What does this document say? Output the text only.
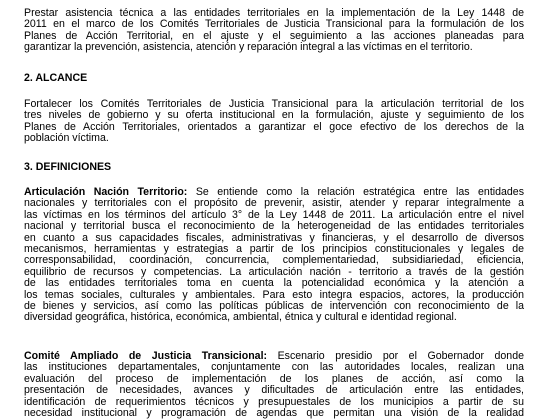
Prestar asistencia técnica a las entidades territoriales en la implementación de la Ley 1448 de
2011 en el marco de los Comités Territoriales de Justicia Transicional para la formulación de los
Planes de Acción Territorial, en el ajuste y el seguimiento a las acciones planeadas para
garantizar la prevención, asistencia, atención y reparación integral a las víctimas en el territorio.
2. ALCANCE
Fortalecer los Comités Territoriales de Justicia Transicional para la articulación territorial de los
tres niveles de gobierno y su oferta institucional en la formulación, ajuste y seguimiento de los
Planes de Acción Territoriales, orientados a garantizar el goce efectivo de los derechos de la
población víctima.
3. DEFINICIONES
Articulación Nación Territorio: Se entiende como la relación estratégica entre las entidades
nacionales y territoriales con el propósito de prevenir, asistir, atender y reparar integralmente a
las víctimas en los términos del artículo 3° de la Ley 1448 de 2011. La articulación entre el nivel
nacional y territorial busca el reconocimiento de la heterogeneidad de las entidades territoriales
en cuanto a sus capacidades fiscales, administrativas y financieras, y el desarrollo de diversos
mecanismos, herramientas y estrategias a partir de los principios constitucionales y legales de
corresponsabilidad, coordinación, concurrencia, complementariedad, subsidiariedad, eficiencia,
equilibrio de recursos y competencias. La articulación nación - territorio a través de la gestión
de las entidades territoriales toma en cuenta la potencialidad económica y la atención a
los temas sociales, culturales y ambientales. Para esto integra espacios, actores, la producción
de bienes y servicios, así como las políticas públicas de intervención con reconocimiento de la
diversidad geográfica, histórica, económica, ambiental, étnica y cultural e identidad regional.
Comité Ampliado de Justicia Transicional: Escenario presidio por el Gobernador donde
las instituciones departamentales, conjuntamente con las autoridades locales, realizan una
evaluación del proceso de implementación de los planes de acción, así como la
presentación de necesidades, avances y dificultades de articulación entre las entidades,
identificación de requerimientos técnicos y presupuestales de los municipios a partir de su
necesidad institucional y programación de agendas que permitan una visión de la realidad
